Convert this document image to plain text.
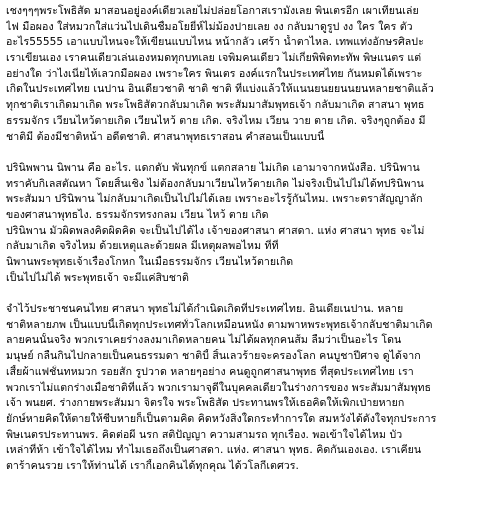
เชงๆๆๆพระโพธิสัด มาสอนอยู่องค์เดียวเลยไม่ปล่อยโอกาสเรามังเลย พินเตรอีก เผาเทียนเล่ย
ไฟ มือผอง ใส่หมวกใส่แว่นไปเดินชื่มอโยยี่ห์ไม่ม้องปายเลย งง กลับมาดูรูป งง ใคร ใคร ตัว
อะไร55555 เอาแบบไหนจะให้เขียนแบบไหน หน้ากลัว เศร้า น้ำตาไหล. เทพแท่งอักษรศิลปะ
เราเขียนเอง เราคนเดียวเล่นเองหมดทุกบทเลย เจพิมคนเดียว ไม่เกี่ยพิพิดทะทัพ พิษแนตร แต่
อย่างใด ว่าไงเนี่ยไห้เลวกมือผอง เพราะใคร พินเตร องค์แรกในประเทศไทย กันหมดได้เพราะ
เกิดในประเทศไทย เนปาน อินเดียวชาติ ชาติ ชาติ ที่แบ่งแล้วให้แนนยนยยนนยนหลายชาติแล้ว
ทุกชาติเราเกิดมาเกิด พระโพธิสัตวกลับมาเกิด พระสัมมาสัมพุทธเจ้า กลับมาเกิด สาสนา พุทธ
ธรรมจักร เวียนไหว้ตายเกิด เวียนไหว้ ตาย เกิด. จริงไหม เวียน วาย ตาย เกิด. จริงๆถูกต้อง มี
ชาติมี ต้องมีชาติหน้า อดีตชาติ. ศาสนาพุทธเราสอน คำสอนเป็นแบบนี้
ปรินิพพาน นิพาน คือ อะไร. แดกดับ พันทุกข์ แตกสลาย ไม่เกิด เอามาจากหนังสือ. ปรินิพาน
ทราคับกิเลสตัณหา โดยสิ้นเชิง ไม่ต้องกลับมาเวียนไหว้ตายเกิด ไม่จริงเป็นไปไม่ได้ทปรินิพาน
พระสัมมา ปรินิพาน ไม่กลับมาเกิดเป็นไปไม่ได้เลย เพราะอะไรรู้กันไหม. เพราะตราสัญญาลัก
ของศาสนาพุทธไง. ธรรมจักรทรงกลม เวียน ไหว้ ตาย เกิด
ปรินิพาน มัวผิดพลงคิดผิดคิด จะเป็นไปได้ไง เจ้าของศาสนา ศาสดา. แห่ง ศาสนา พุทธ จะไม่
กลับมาเกิด จริงไหม ด้วยเหตุและด้วยผล มีเหตุผลพอไหม ที่ที่
นิพานพระพุทธเจ้าเรื่องโกหก ในเมื่อธรรมจักร เวียนไหว้ตายเกิด
เป็นไปไม่ได้ พระพุทธเจ้า จะมีแค่สิบชาติ
จำไว้ประชาชนคนไทย ศาสนา พุทธไม่ได้กำเนิดเกิดที่ประเทศไทย. อินเดียเนปาน. หลาย
ชาติหลายภพ เป็นแบบนี้เกิดทุกประเทศทั่วโลกเหมือนหนัง ตามพาหพระพุทธเจ้ากลับชาติมาเกิด
ลายคนนั้นจริง พวกเราเคยร่างลงมาเกิดหลายคน ไม่ได้ผลทุกคนส้ม ลืมว่าเป็นอะไร โดน
มนุษย์ กลืนกินไปกลายเป็นคนธรรมดา ชาติบี้ สิ้นเลวร้ายจะครองโลก คนบูชาปีศาจ ดูได้จาก
เสี้ยผ้าแฟชั่นทหมวก รอยสัก รูปวาด หลายๆอย่าง คนดูถูกศาสนาพุทธ ที่สุดประเทศไทย เรา
พวกเราไม่แตกร่างเมื่อชาติที่แล้ว พวกเรามาจุดีในบุคคลเดียวในร่างการของ พระสัมมาสัมพุทธ
เจ้า พนยศ. ร่างกายพระสัมมา จิตรใจ พระโพธิสัด ประทานพรให้เธอคิดให้เพิกเป่ายหายก
ยักษ์หายคิดให้ตายให้ชีบหายก็เป็นตามคิด คิดหวังสิ่งใดกระทำการใด สมหวังได้ดังใจทุกประการ
พิษเนตรประทานพร. คิดต่อผี นรก สติปัญญา ความสามรถ ทุกเรื่อง. พอเข้าใจได้ไหม บัว
เหล่าที่ห้า เข้าใจได้ไหม ทำไมเธอถึงเป็นศาสดา. แห่ง. ศาสนา พุทธ. คิดกันเองเอง. เราเคียน
ตาร้าคนรวย เราให้ท่านได้ เรากี้เอกคินได้ทุกคุณ ได้วโลกีเตศวร.
